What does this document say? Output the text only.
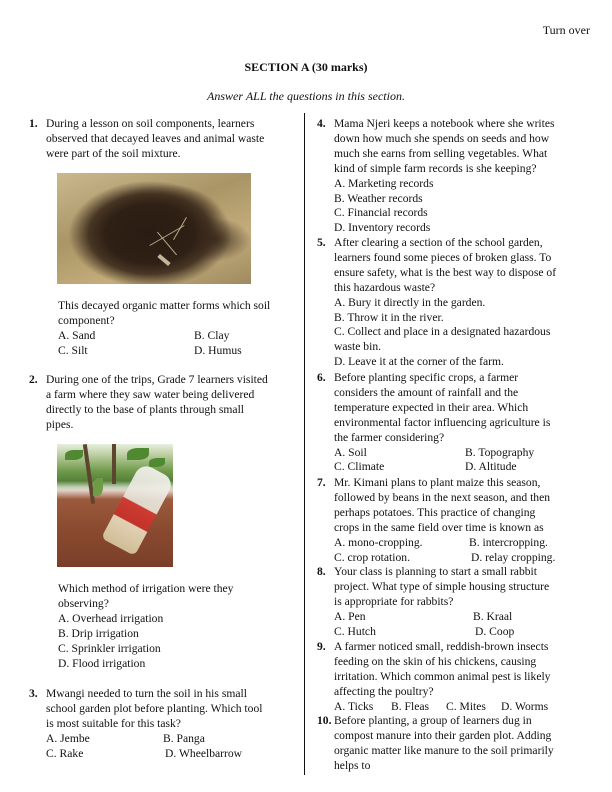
Turn over
SECTION A (30 marks)
Answer ALL the questions in this section.
1. During a lesson on soil components, learners
observed that decayed leaves and animal waste
were part of the soil mixture.
This decayed organic matter forms which soil
component?
A. Sand	B. Clay
C. Silt	D. Humus
2. During one of the trips, Grade 7 learners visited
a farm where they saw water being delivered
directly to the base of plants through small
pipes.
Which method of irrigation were they
observing?
A. Overhead irrigation
B. Drip irrigation
C. Sprinkler irrigation
D. Flood irrigation
3. Mwangi needed to turn the soil in his small
school garden plot before planting. Which tool
is most suitable for this task?
A. Jembe	B. Panga
C. Rake	D. Wheelbarrow
4. Mama Njeri keeps a notebook where she writes
down how much she spends on seeds and how
much she earns from selling vegetables. What
kind of simple farm records is she keeping?
A. Marketing records
B. Weather records
C. Financial records
D. Inventory records
5. After clearing a section of the school garden,
learners found some pieces of broken glass. To
ensure safety, what is the best way to dispose of
this hazardous waste?
A. Bury it directly in the garden.
B. Throw it in the river.
C. Collect and place in a designated hazardous
waste bin.
D. Leave it at the corner of the farm.
6. Before planting specific crops, a farmer
considers the amount of rainfall and the
temperature expected in their area. Which
environmental factor influencing agriculture is
the farmer considering?
A. Soil	B. Topography
C. Climate	D. Altitude
7. Mr. Kimani plans to plant maize this season,
followed by beans in the next season, and then
perhaps potatoes. This practice of changing
crops in the same field over time is known as
A. mono-cropping.	B. intercropping.
C. crop rotation.	D. relay cropping.
8. Your class is planning to start a small rabbit
project. What type of simple housing structure
is appropriate for rabbits?
A. Pen	B. Kraal
C. Hutch	D. Coop
9. A farmer noticed small, reddish-brown insects
feeding on the skin of his chickens, causing
irritation. Which common animal pest is likely
affecting the poultry?
A. Ticks	B. Fleas	C. Mites	D. Worms
10. Before planting, a group of learners dug in
compost manure into their garden plot. Adding
organic matter like manure to the soil primarily
helps to
